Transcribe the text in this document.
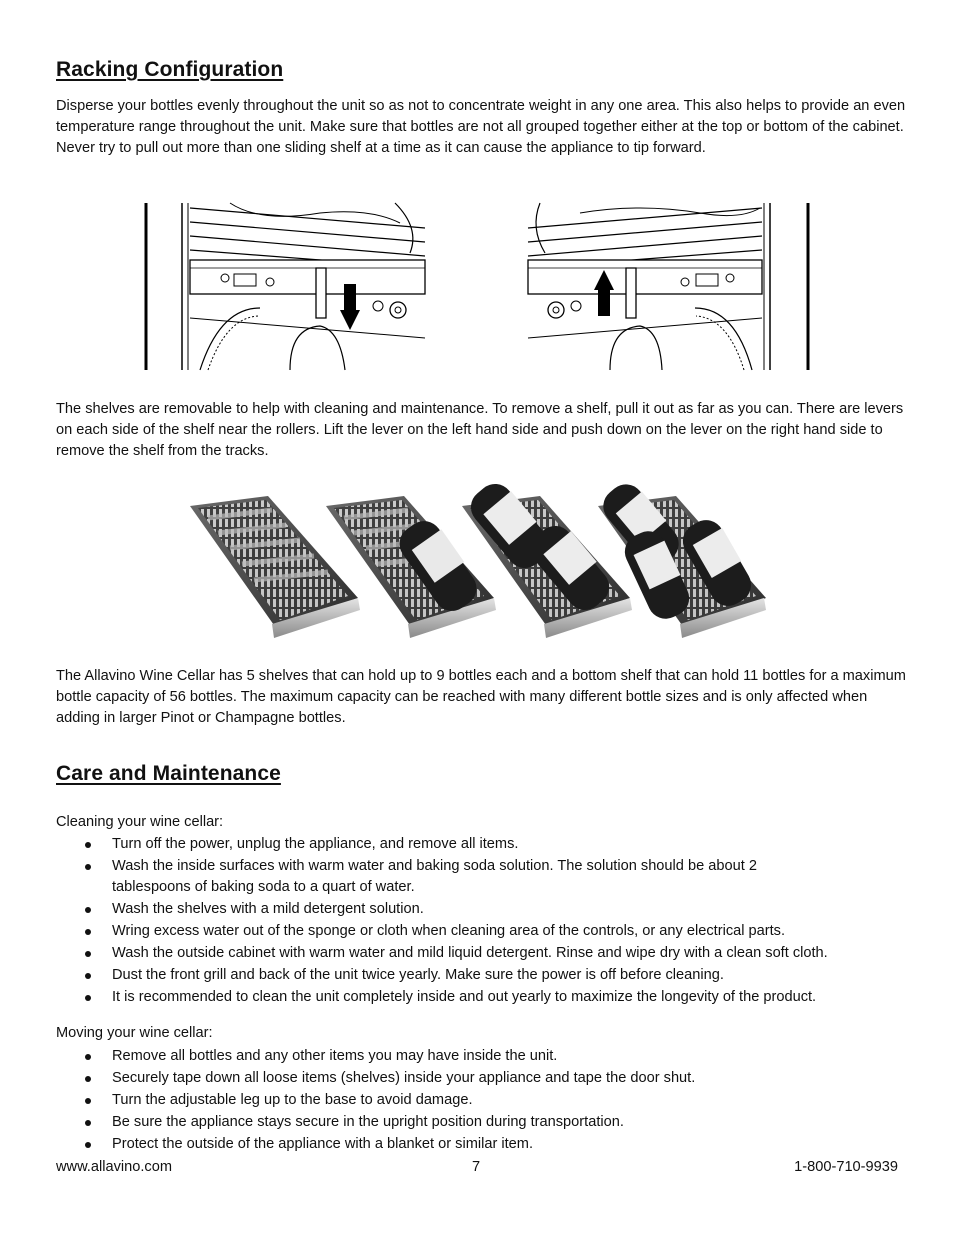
Racking Configuration

Disperse your bottles evenly throughout the unit so as not to concentrate weight in any one area. This also helps to provide an even temperature range throughout the unit. Make sure that bottles are not all grouped together either at the top or bottom of the cabinet. Never try to pull out more than one sliding shelf at a time as it can cause the appliance to tip forward.

The shelves are removable to help with cleaning and maintenance. To remove a shelf, pull it out as far as you can. There are levers on each side of the shelf near the rollers. Lift the lever on the left hand side and push down on the lever on the right hand side to remove the shelf from the tracks.

The Allavino Wine Cellar has 5 shelves that can hold up to 9 bottles each and a bottom shelf that can hold 11 bottles for a maximum bottle capacity of 56 bottles. The maximum capacity can be reached with many different bottle sizes and is only affected when adding in larger Pinot or Champagne bottles.

Care and Maintenance
Cleaning your wine cellar:
Turn off the power, unplug the appliance, and remove all items.
Wash the inside surfaces with warm water and baking soda solution. The solution should be about 2 tablespoons of baking soda to a quart of water.
Wash the shelves with a mild detergent solution.
Wring excess water out of the sponge or cloth when cleaning area of the controls, or any electrical parts.
Wash the outside cabinet with warm water and mild liquid detergent. Rinse and wipe dry with a clean soft cloth.
Dust the front grill and back of the unit twice yearly. Make sure the power is off before cleaning.
It is recommended to clean the unit completely inside and out yearly to maximize the longevity of the product.
Moving your wine cellar:
Remove all bottles and any other items you may have inside the unit.
Securely tape down all loose items (shelves) inside your appliance and tape the door shut.
Turn the adjustable leg up to the base to avoid damage.
Be sure the appliance stays secure in the upright position during transportation.
Protect the outside of the appliance with a blanket or similar item.
www.allavino.com	7	1-800-710-9939
